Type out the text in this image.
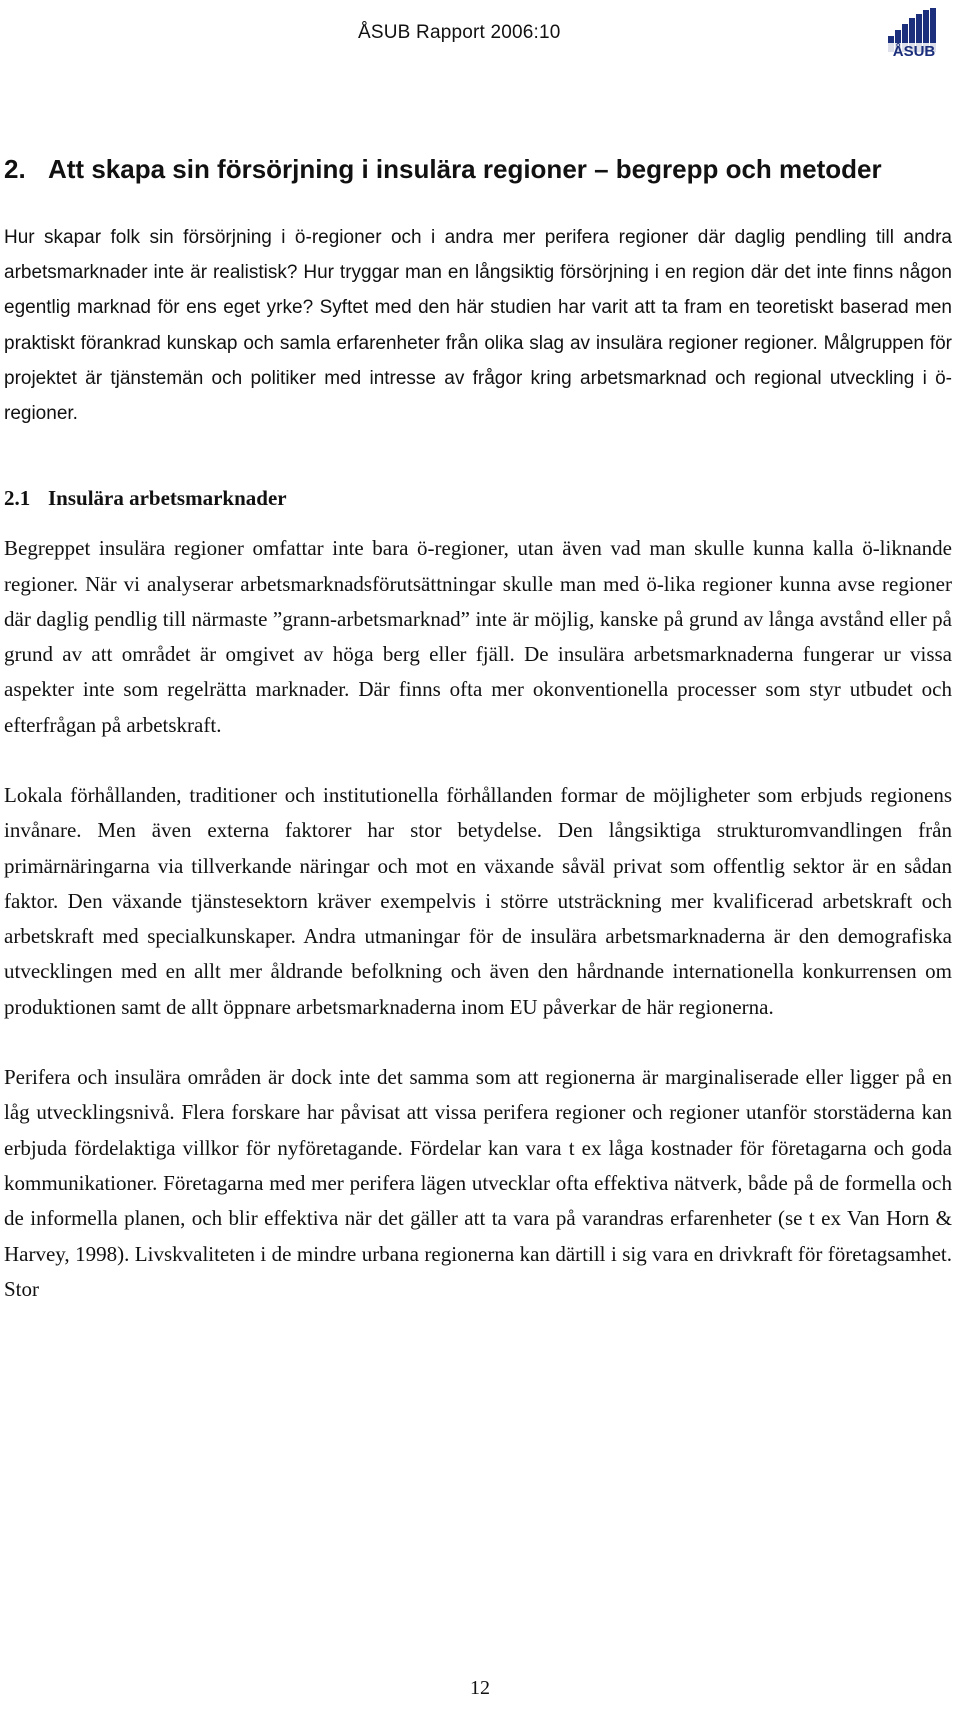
ÅSUB Rapport 2006:10
ÅSUB
2. Att skapa sin försörjning i insulära regioner – begrepp och metoder

Hur skapar folk sin försörjning i ö-regioner och i andra mer perifera regioner där daglig pendling till andra arbetsmarknader inte är realistisk? Hur tryggar man en långsiktig försörjning i en region där det inte finns någon egentlig marknad för ens eget yrke? Syftet med den här studien har varit att ta fram en teoretiskt baserad men praktiskt förankrad kunskap och samla erfarenheter från olika slag av insulära regioner regioner. Målgruppen för projektet är tjänstemän och politiker med intresse av frågor kring arbetsmarknad och regional utveckling i ö-regioner.

2.1 Insulära arbetsmarknader

Begreppet insulära regioner omfattar inte bara ö-regioner, utan även vad man skulle kunna kalla ö-liknande regioner. När vi analyserar arbetsmarknadsförutsättningar skulle man med ö-lika regioner kunna avse regioner där daglig pendlig till närmaste ”grann-arbetsmarknad” inte är möjlig, kanske på grund av långa avstånd eller på grund av att området är omgivet av höga berg eller fjäll. De insulära arbetsmarknaderna fungerar ur vissa aspekter inte som regelrätta marknader. Där finns ofta mer okonventionella processer som styr utbudet och efterfrågan på arbetskraft.

Lokala förhållanden, traditioner och institutionella förhållanden formar de möjligheter som erbjuds regionens invånare. Men även externa faktorer har stor betydelse. Den långsiktiga strukturomvandlingen från primärnäringarna via tillverkande näringar och mot en växande såväl privat som offentlig sektor är en sådan faktor. Den växande tjänstesektorn kräver exempelvis i större utsträckning mer kvalificerad arbetskraft och arbetskraft med specialkunskaper. Andra utmaningar för de insulära arbetsmarknaderna är den demografiska utvecklingen med en allt mer åldrande befolkning och även den hårdnande internationella konkurrensen om produktionen samt de allt öppnare arbetsmarknaderna inom EU påverkar de här regionerna.

Perifera och insulära områden är dock inte det samma som att regionerna är marginaliserade eller ligger på en låg utvecklingsnivå. Flera forskare har påvisat att vissa perifera regioner och regioner utanför storstäderna kan erbjuda fördelaktiga villkor för nyföretagande. Fördelar kan vara t ex låga kostnader för företagarna och goda kommunikationer. Företagarna med mer perifera lägen utvecklar ofta effektiva nätverk, både på de formella och de informella planen, och blir effektiva när det gäller att ta vara på varandras erfarenheter (se t ex Van Horn & Harvey, 1998). Livskvaliteten i de mindre urbana regionerna kan därtill i sig vara en drivkraft för företagsamhet. Stor

12
